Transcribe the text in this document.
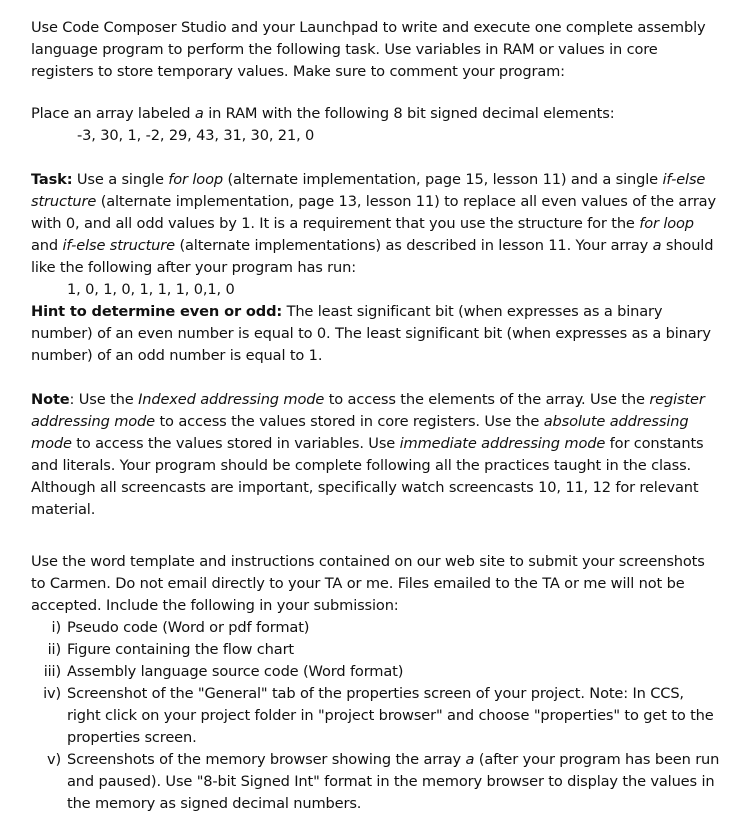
Use Code Composer Studio and your Launchpad to write and execute one complete assembly language program to perform the following task. Use variables in RAM or values in core registers to store temporary values. Make sure to comment your program:

Place an array labeled a in RAM with the following 8 bit signed decimal elements:

-3, 30, 1, -2, 29, 43, 31, 30, 21, 0

Task: Use a single for loop (alternate implementation, page 15, lesson 11) and a single if-else structure (alternate implementation, page 13, lesson 11) to replace all even values of the array with 0, and all odd values by 1. It is a requirement that you use the structure for the for loop and if-else structure (alternate implementations) as described in lesson 11. Your array a should like the following after your program has run:

1, 0, 1, 0, 1, 1, 1, 0,1, 0

Hint to determine even or odd: The least significant bit (when expresses as a binary number) of an even number is equal to 0. The least significant bit (when expresses as a binary number) of an odd number is equal to 1.

Note: Use the Indexed addressing mode to access the elements of the array. Use the register addressing mode to access the values stored in core registers. Use the absolute addressing mode to access the values stored in variables. Use immediate addressing mode for constants and literals. Your program should be complete following all the practices taught in the class. Although all screencasts are important, specifically watch screencasts 10, 11, 12 for relevant material.

Use the word template and instructions contained on our web site to submit your screenshots to Carmen. Do not email directly to your TA or me. Files emailed to the TA or me will not be accepted. Include the following in your submission:

i) Pseudo code (Word or pdf format)
ii) Figure containing the flow chart
iii) Assembly language source code (Word format)
iv) Screenshot of the "General" tab of the properties screen of your project. Note: In CCS, right click on your project folder in "project browser" and choose "properties" to get to the properties screen.
v) Screenshots of the memory browser showing the array a (after your program has been run and paused). Use "8-bit Signed Int" format in the memory browser to display the values in the memory as signed decimal numbers.
